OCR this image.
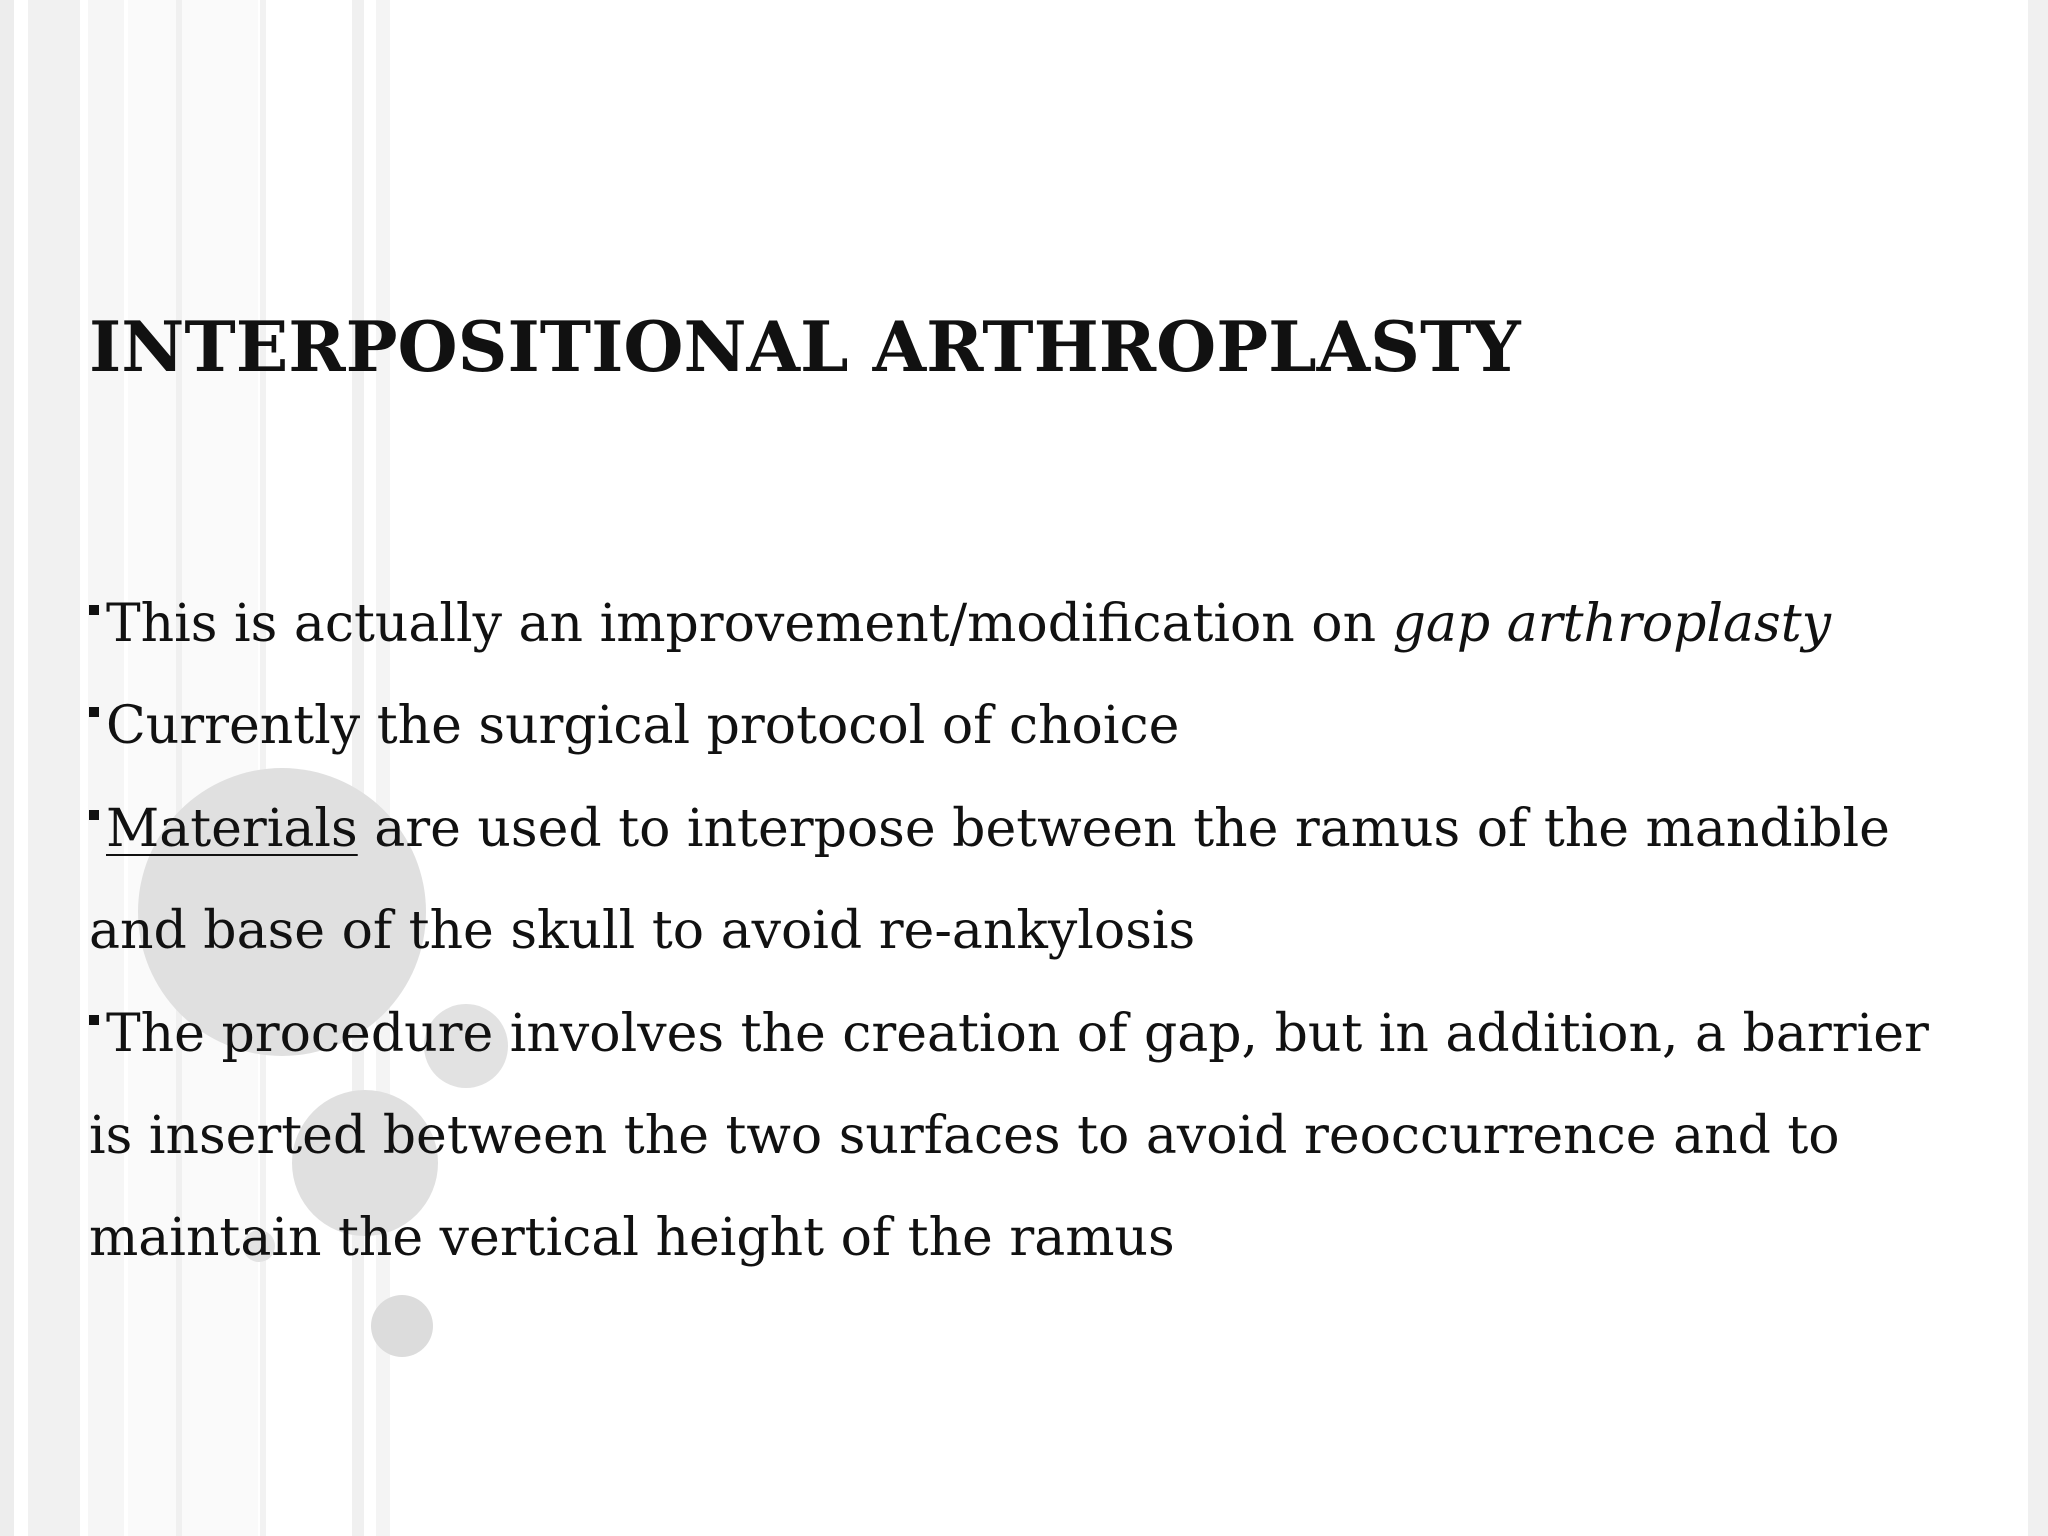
INTERPOSITIONAL ARTHROPLASTY

This is actually an improvement/modification on gap arthroplasty

Currently the surgical protocol of choice

Materials are used to interpose between the ramus of the mandible and base of the skull to avoid re-ankylosis

The procedure involves the creation of gap, but in addition, a barrier is inserted between the two surfaces to avoid reoccurrence and to maintain the vertical height of the ramus
